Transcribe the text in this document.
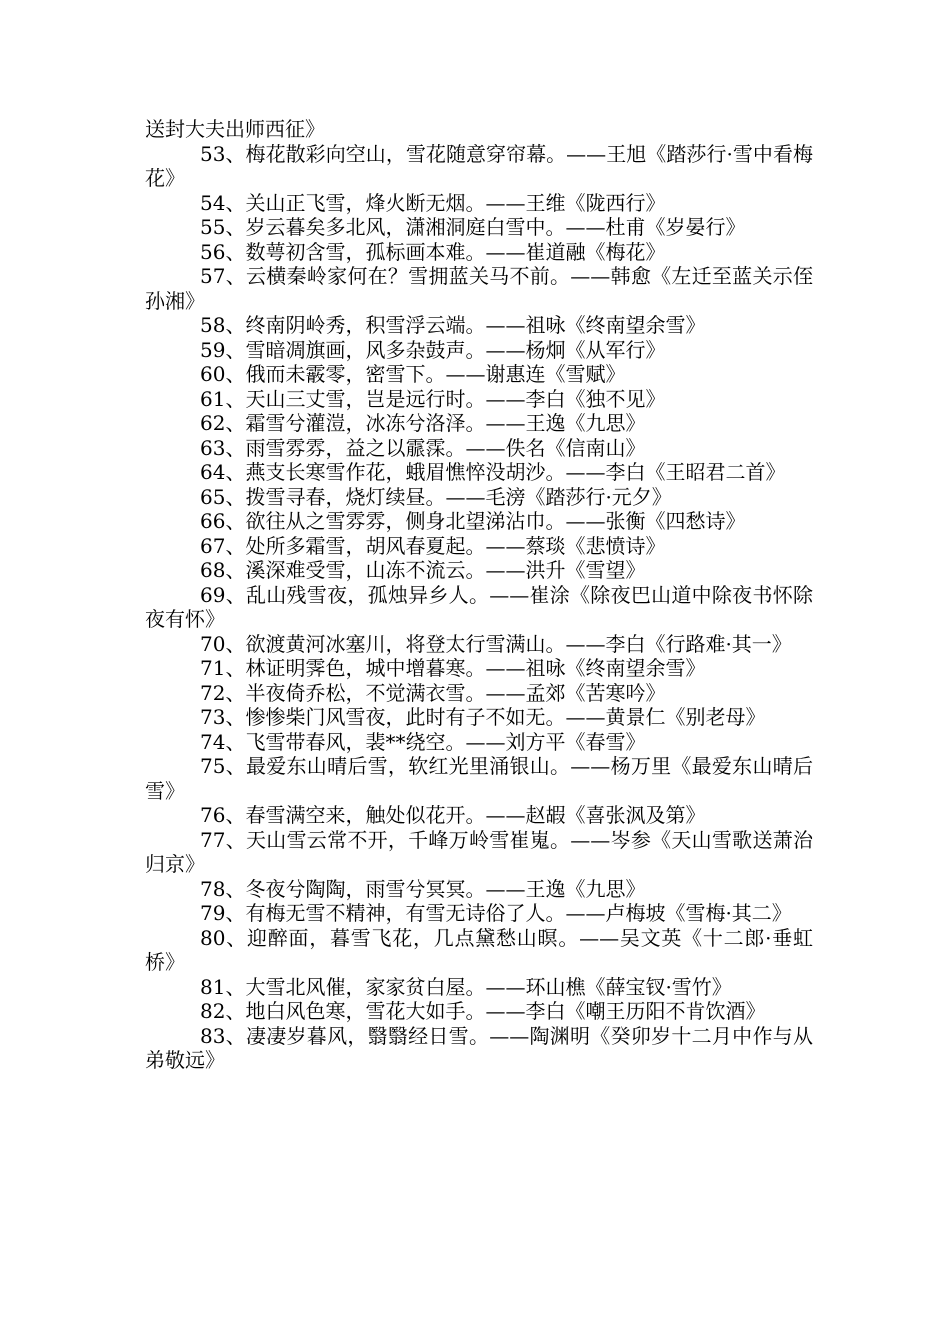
送封大夫出师西征》

53、梅花散彩向空山，雪花随意穿帘幕。——王旭《踏莎行·雪中看梅花》

54、关山正飞雪，烽火断无烟。——王维《陇西行》

55、岁云暮矣多北风，潇湘洞庭白雪中。——杜甫《岁晏行》

56、数萼初含雪，孤标画本难。——崔道融《梅花》

57、云横秦岭家何在？雪拥蓝关马不前。——韩愈《左迁至蓝关示侄孙湘》

58、终南阴岭秀，积雪浮云端。——祖咏《终南望余雪》

59、雪暗凋旗画，风多杂鼓声。——杨炯《从军行》

60、俄而未霰零，密雪下。——谢惠连《雪赋》

61、天山三丈雪，岂是远行时。——李白《独不见》

62、霜雪兮灌溰，冰冻兮洛泽。——王逸《九思》

63、雨雪雰雰，益之以霢霂。——佚名《信南山》

64、燕支长寒雪作花，蛾眉憔悴没胡沙。——李白《王昭君二首》

65、拨雪寻春，烧灯续昼。——毛滂《踏莎行·元夕》

66、欲往从之雪雰雰，侧身北望涕沾巾。——张衡《四愁诗》

67、处所多霜雪，胡风春夏起。——蔡琰《悲愤诗》

68、溪深难受雪，山冻不流云。——洪升《雪望》

69、乱山残雪夜，孤烛异乡人。——崔涂《除夜巴山道中除夜书怀除夜有怀》

70、欲渡黄河冰塞川，将登太行雪满山。——李白《行路难·其一》

71、林证明霁色，城中增暮寒。——祖咏《终南望余雪》

72、半夜倚乔松，不觉满衣雪。——孟郊《苦寒吟》

73、惨惨柴门风雪夜，此时有子不如无。——黄景仁《别老母》

74、飞雪带春风，裴**绕空。——刘方平《春雪》

75、最爱东山晴后雪，软红光里涌银山。——杨万里《最爱东山晴后雪》

76、春雪满空来，触处似花开。——赵嘏《喜张沨及第》

77、天山雪云常不开，千峰万岭雪崔嵬。——岑参《天山雪歌送萧治归京》

78、冬夜兮陶陶，雨雪兮冥冥。——王逸《九思》

79、有梅无雪不精神，有雪无诗俗了人。——卢梅坡《雪梅·其二》

80、迎醉面，暮雪飞花，几点黛愁山暝。——吴文英《十二郎·垂虹桥》

81、大雪北风催，家家贫白屋。——环山樵《薛宝钗·雪竹》

82、地白风色寒，雪花大如手。——李白《嘲王历阳不肯饮酒》

83、凄凄岁暮风，翳翳经日雪。——陶渊明《癸卯岁十二月中作与从弟敬远》
